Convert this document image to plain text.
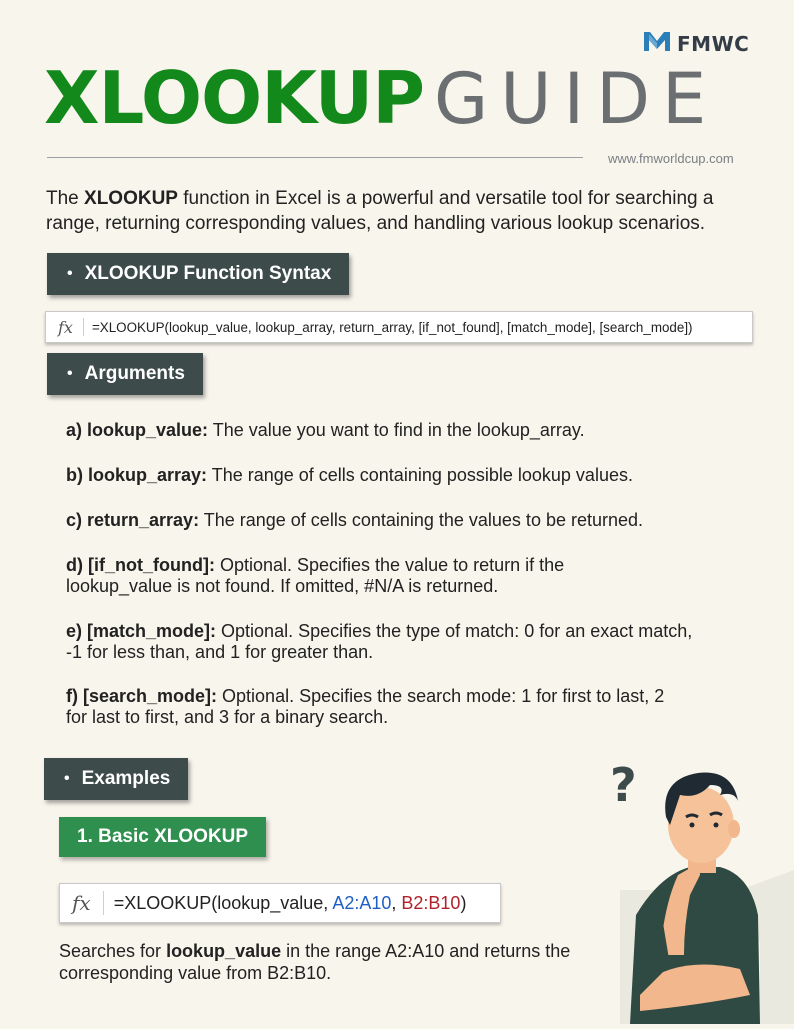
FMWC
XLOOKUP GUIDE
www.fmworldcup.com
The XLOOKUP function in Excel is a powerful and versatile tool for searching a range, returning corresponding values, and handling various lookup scenarios.
• XLOOKUP Function Syntax
fx	=XLOOKUP(lookup_value, lookup_array, return_array, [if_not_found], [match_mode], [search_mode])
• Arguments
a) lookup_value: The value you want to find in the lookup_array.
b) lookup_array: The range of cells containing possible lookup values.
c) return_array: The range of cells containing the values to be returned.
d) [if_not_found]: Optional. Specifies the value to return if the lookup_value is not found. If omitted, #N/A is returned.
e) [match_mode]: Optional. Specifies the type of match: 0 for an exact match, -1 for less than, and 1 for greater than.
f) [search_mode]: Optional. Specifies the search mode: 1 for first to last, 2 for last to first, and 3 for a binary search.
• Examples
1. Basic XLOOKUP
fx	=XLOOKUP(lookup_value, A2:A10, B2:B10)
Searches for lookup_value in the range A2:A10 and returns the corresponding value from B2:B10.
?
